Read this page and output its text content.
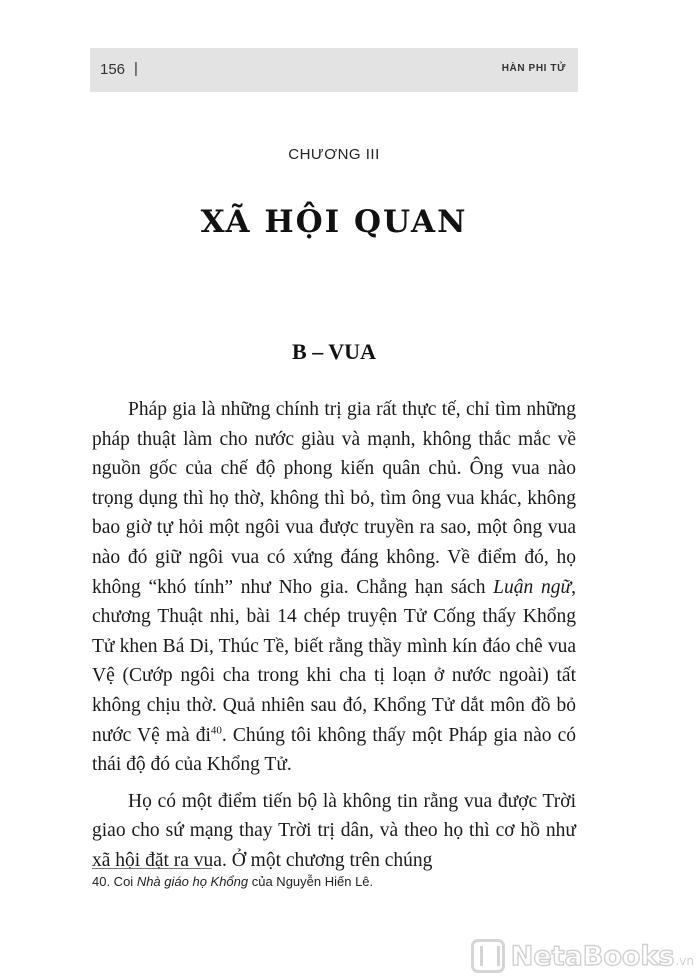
156 |	HÀN PHI TỬ
CHƯƠNG III
XÃ HỘI QUAN
B – VUA

Pháp gia là những chính trị gia rất thực tế, chỉ tìm những pháp thuật làm cho nước giàu và mạnh, không thắc mắc về nguồn gốc của chế độ phong kiến quân chủ. Ông vua nào trọng dụng thì họ thờ, không thì bỏ, tìm ông vua khác, không bao giờ tự hỏi một ngôi vua được truyền ra sao, một ông vua nào đó giữ ngôi vua có xứng đáng không. Về điểm đó, họ không “khó tính” như Nho gia. Chẳng hạn sách Luận ngữ, chương Thuật nhi, bài 14 chép truyện Tử Cống thấy Khổng Tử khen Bá Di, Thúc Tề, biết rằng thầy mình kín đáo chê vua Vệ (Cướp ngôi cha trong khi cha tị loạn ở nước ngoài) tất không chịu thờ. Quả nhiên sau đó, Khổng Tử dắt môn đồ bỏ nước Vệ mà $đi^{40}$. Chúng tôi không thấy một Pháp gia nào có thái độ đó của Khổng Tử.

Họ có một điểm tiến bộ là không tin rằng vua được Trời giao cho sứ mạng thay Trời trị dân, và theo họ thì cơ hồ như xã hội đặt ra vua. Ở một chương trên chúng

40. Coi Nhà giáo họ Khổng của Nguyễn Hiến Lê.
NetaBooks .vn
